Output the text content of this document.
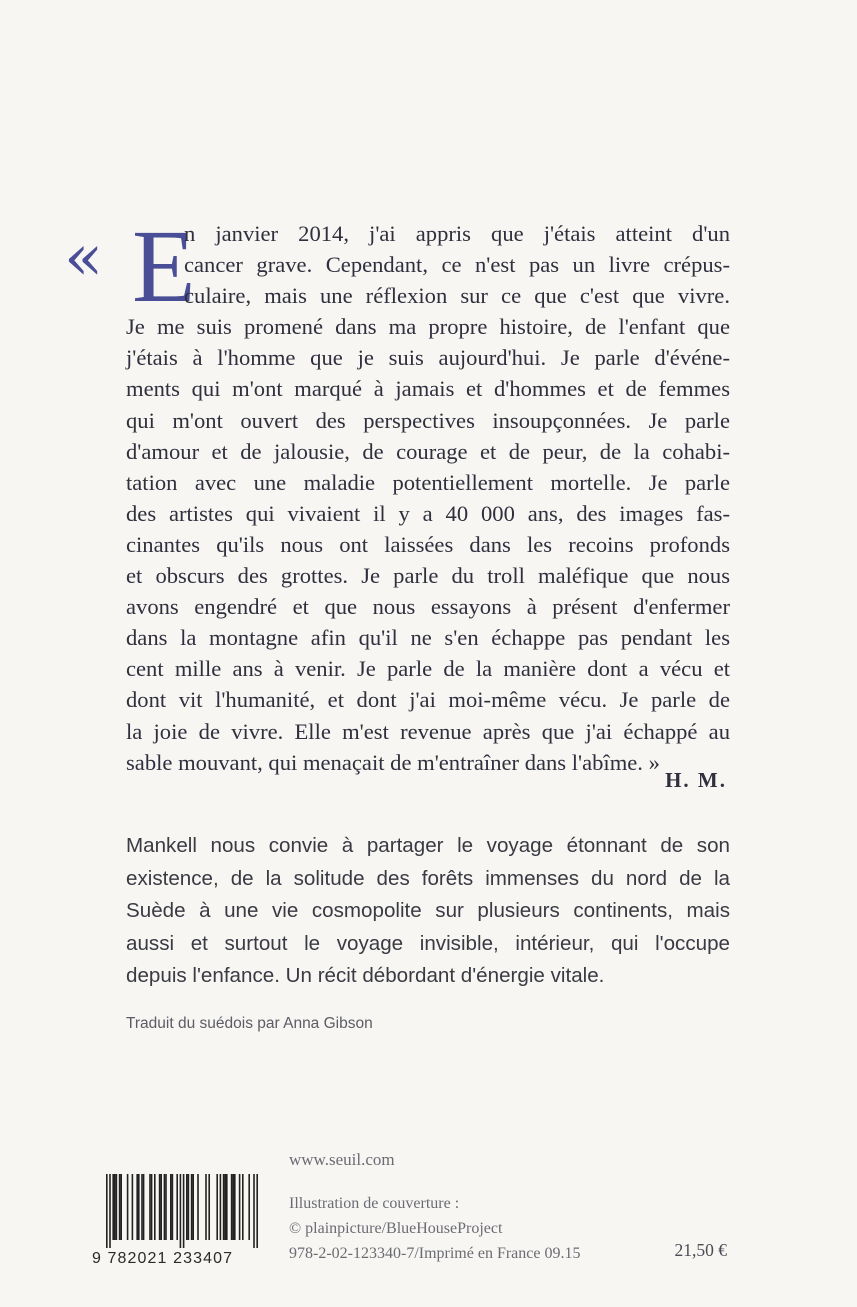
« E
n janvier 2014, j'ai appris que j'étais atteint d'un
cancer grave. Cependant, ce n'est pas un livre crépus-
culaire, mais une réflexion sur ce que c'est que vivre.
Je me suis promené dans ma propre histoire, de l'enfant que
j'étais à l'homme que je suis aujourd'hui. Je parle d'événe-
ments qui m'ont marqué à jamais et d'hommes et de femmes
qui m'ont ouvert des perspectives insoupçonnées. Je parle
d'amour et de jalousie, de courage et de peur, de la cohabi-
tation avec une maladie potentiellement mortelle. Je parle
des artistes qui vivaient il y a 40 000 ans, des images fas-
cinantes qu'ils nous ont laissées dans les recoins profonds
et obscurs des grottes. Je parle du troll maléfique que nous
avons engendré et que nous essayons à présent d'enfermer
dans la montagne afin qu'il ne s'en échappe pas pendant les
cent mille ans à venir. Je parle de la manière dont a vécu et
dont vit l'humanité, et dont j'ai moi-même vécu. Je parle de
la joie de vivre. Elle m'est revenue après que j'ai échappé au
sable mouvant, qui menaçait de m'entraîner dans l'abîme. »
H. M.
Mankell nous convie à partager le voyage étonnant de son
existence, de la solitude des forêts immenses du nord de la
Suède à une vie cosmopolite sur plusieurs continents, mais
aussi et surtout le voyage invisible, intérieur, qui l'occupe
depuis l'enfance. Un récit débordant d'énergie vitale.
Traduit du suédois par Anna Gibson
www.seuil.com
9 782021 233407
Illustration de couverture :
© plainpicture/BlueHouseProject
978-2-02-123340-7/Imprimé en France 09.15	21,50 €
